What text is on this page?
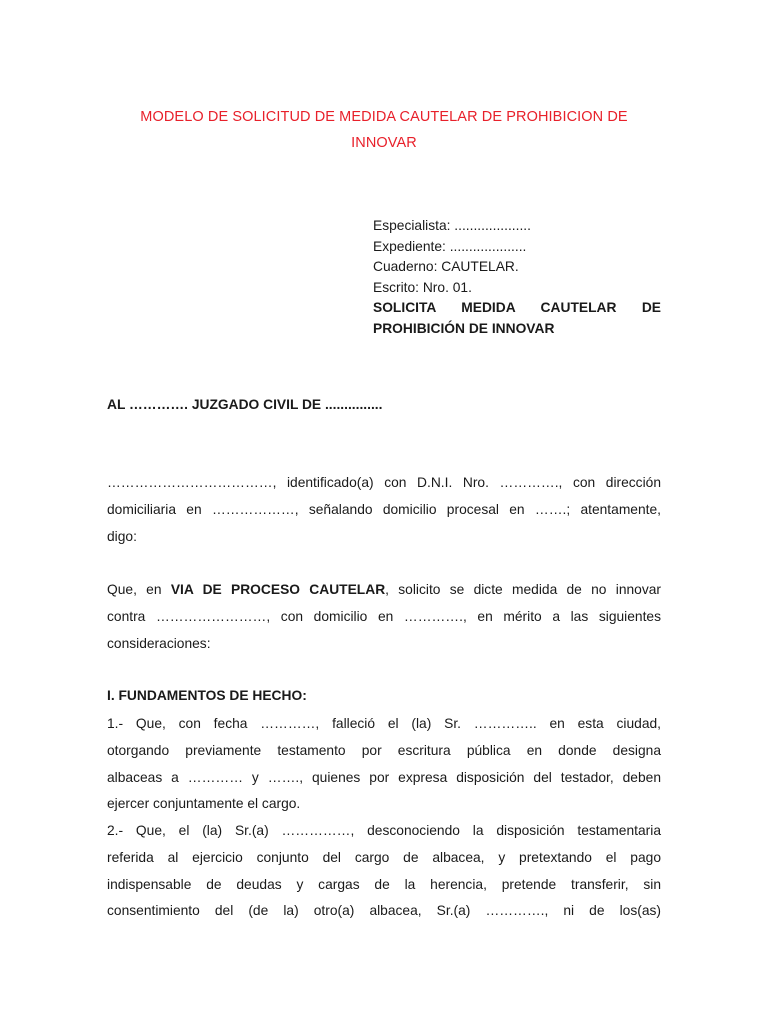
MODELO DE SOLICITUD DE MEDIDA CAUTELAR DE PROHIBICION DE
INNOVAR
Especialista: ....................
Expediente: ....................
Cuaderno: CAUTELAR.
Escrito: Nro. 01.
SOLICITA MEDIDA CAUTELAR DE
PROHIBICIÓN DE INNOVAR
AL …………. JUZGADO CIVIL DE ...............
………………………………, identificado(a) con D.N.I. Nro. …………., con dirección
domiciliaria en ………………, señalando domicilio procesal en …….; atentamente,
digo:
Que, en VIA DE PROCESO CAUTELAR, solicito se dicte medida de no innovar
contra ……………………, con domicilio en …………., en mérito a las siguientes
consideraciones:
I. FUNDAMENTOS DE HECHO:
1.- Que, con fecha …………, falleció el (la) Sr. ………….. en esta ciudad,
otorgando previamente testamento por escritura pública en donde designa
albaceas a ………… y ……., quienes por expresa disposición del testador, deben
ejercer conjuntamente el cargo.
2.- Que, el (la) Sr.(a) ……………, desconociendo la disposición testamentaria
referida al ejercicio conjunto del cargo de albacea, y pretextando el pago
indispensable de deudas y cargas de la herencia, pretende transferir, sin
consentimiento del (de la) otro(a) albacea, Sr.(a) …………., ni de los(as)
